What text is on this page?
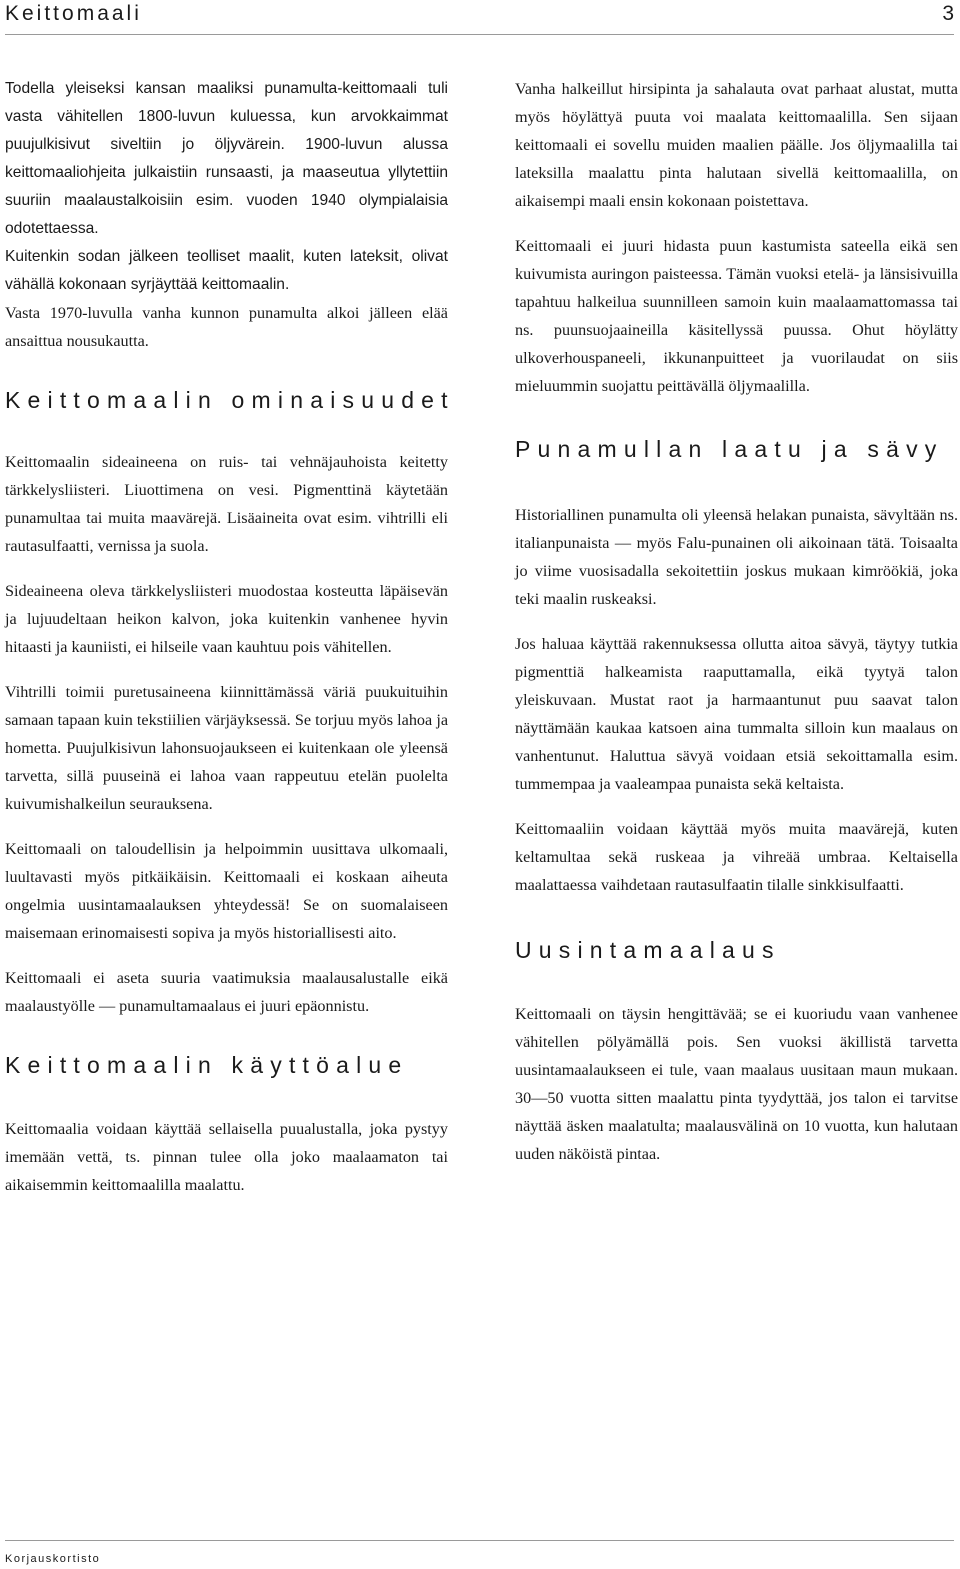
Keittomaali	3

Todella yleiseksi kansan maaliksi punamulta-keittomaali tuli vasta vähitellen 1800-luvun kuluessa, kun arvokkaimmat puujulkisivut siveltiin jo öljyvärein. 1900-luvun alussa keittomaaliohjeita julkaistiin runsaasti, ja maaseutua yllytettiin suuriin maalaustalkoisiin esim. vuoden 1940 olympialaisia odotettaessa.

Kuitenkin sodan jälkeen teolliset maalit, kuten lateksit, olivat vähällä kokonaan syrjäyttää keittomaalin.

Vasta 1970-luvulla vanha kunnon punamulta alkoi jälleen elää ansaittua nousukautta.

Keittomaalin ominaisuudet

Keittomaalin sideaineena on ruis- tai vehnäjauhoista keitetty tärkkelysliisteri. Liuottimena on vesi. Pigmenttinä käytetään punamultaa tai muita maavärejä. Lisäaineita ovat esim. vihtrilli eli rautasulfaatti, vernissa ja suola.

Sideaineena oleva tärkkelysliisteri muodostaa kosteutta läpäisevän ja lujuudeltaan heikon kalvon, joka kuitenkin vanhenee hyvin hitaasti ja kauniisti, ei hilseile vaan kauhtuu pois vähitellen.

Vihtrilli toimii puretusaineena kiinnittämässä väriä puukuituihin samaan tapaan kuin tekstiilien värjäyksessä. Se torjuu myös lahoa ja hometta. Puujulkisivun lahonsuojaukseen ei kuitenkaan ole yleensä tarvetta, sillä puuseinä ei lahoa vaan rappeutuu etelän puolelta kuivumishalkeilun seurauksena.

Keittomaali on taloudellisin ja helpoimmin uusittava ulkomaali, luultavasti myös pitkäikäisin. Keittomaali ei koskaan aiheuta ongelmia uusintamaalauksen yhteydessä! Se on suomalaiseen maisemaan erinomaisesti sopiva ja myös historiallisesti aito.

Keittomaali ei aseta suuria vaatimuksia maalausalustalle eikä maalaustyölle — punamultamaalaus ei juuri epäonnistu.

Keittomaalin käyttöalue

Keittomaalia voidaan käyttää sellaisella puualustalla, joka pystyy imemään vettä, ts. pinnan tulee olla joko maalaamaton tai aikaisemmin keittomaalilla maalattu.

Vanha halkeillut hirsipinta ja sahalauta ovat parhaat alustat, mutta myös höylättyä puuta voi maalata keittomaalilla. Sen sijaan keittomaali ei sovellu muiden maalien päälle. Jos öljymaalilla tai lateksilla maalattu pinta halutaan sivellä keittomaalilla, on aikaisempi maali ensin kokonaan poistettava.

Keittomaali ei juuri hidasta puun kastumista sateella eikä sen kuivumista auringon paisteessa. Tämän vuoksi etelä- ja länsisivuilla tapahtuu halkeilua suunnilleen samoin kuin maalaamattomassa tai ns. puunsuojaaineilla käsitellyssä puussa. Ohut höylätty ulkoverhouspaneeli, ikkunanpuitteet ja vuorilaudat on siis mieluummin suojattu peittävällä öljymaalilla.

Punamullan laatu ja sävy

Historiallinen punamulta oli yleensä helakan punaista, sävyltään ns. italianpunaista — myös Falu-punainen oli aikoinaan tätä. Toisaalta jo viime vuosisadalla sekoitettiin joskus mukaan kimröökiä, joka teki maalin ruskeaksi.

Jos haluaa käyttää rakennuksessa ollutta aitoa sävyä, täytyy tutkia pigmenttiä halkeamista raaputtamalla, eikä tyytyä talon yleiskuvaan. Mustat raot ja harmaantunut puu saavat talon näyttämään kaukaa katsoen aina tummalta silloin kun maalaus on vanhentunut. Haluttua sävyä voidaan etsiä sekoittamalla esim. tummempaa ja vaaleampaa punaista sekä keltaista.

Keittomaaliin voidaan käyttää myös muita maavärejä, kuten keltamultaa sekä ruskeaa ja vihreää umbraa. Keltaisella maalattaessa vaihdetaan rautasulfaatin tilalle sinkkisulfaatti.

Uusintamaalaus

Keittomaali on täysin hengittävää; se ei kuoriudu vaan vanhenee vähitellen pölyämällä pois. Sen vuoksi äkillistä tarvetta uusintamaalaukseen ei tule, vaan maalaus uusitaan maun mukaan. 30—50 vuotta sitten maalattu pinta tyydyttää, jos talon ei tarvitse näyttää äsken maalatulta; maalausvälinä on 10 vuotta, kun halutaan uuden näköistä pintaa.

Korjauskortisto
